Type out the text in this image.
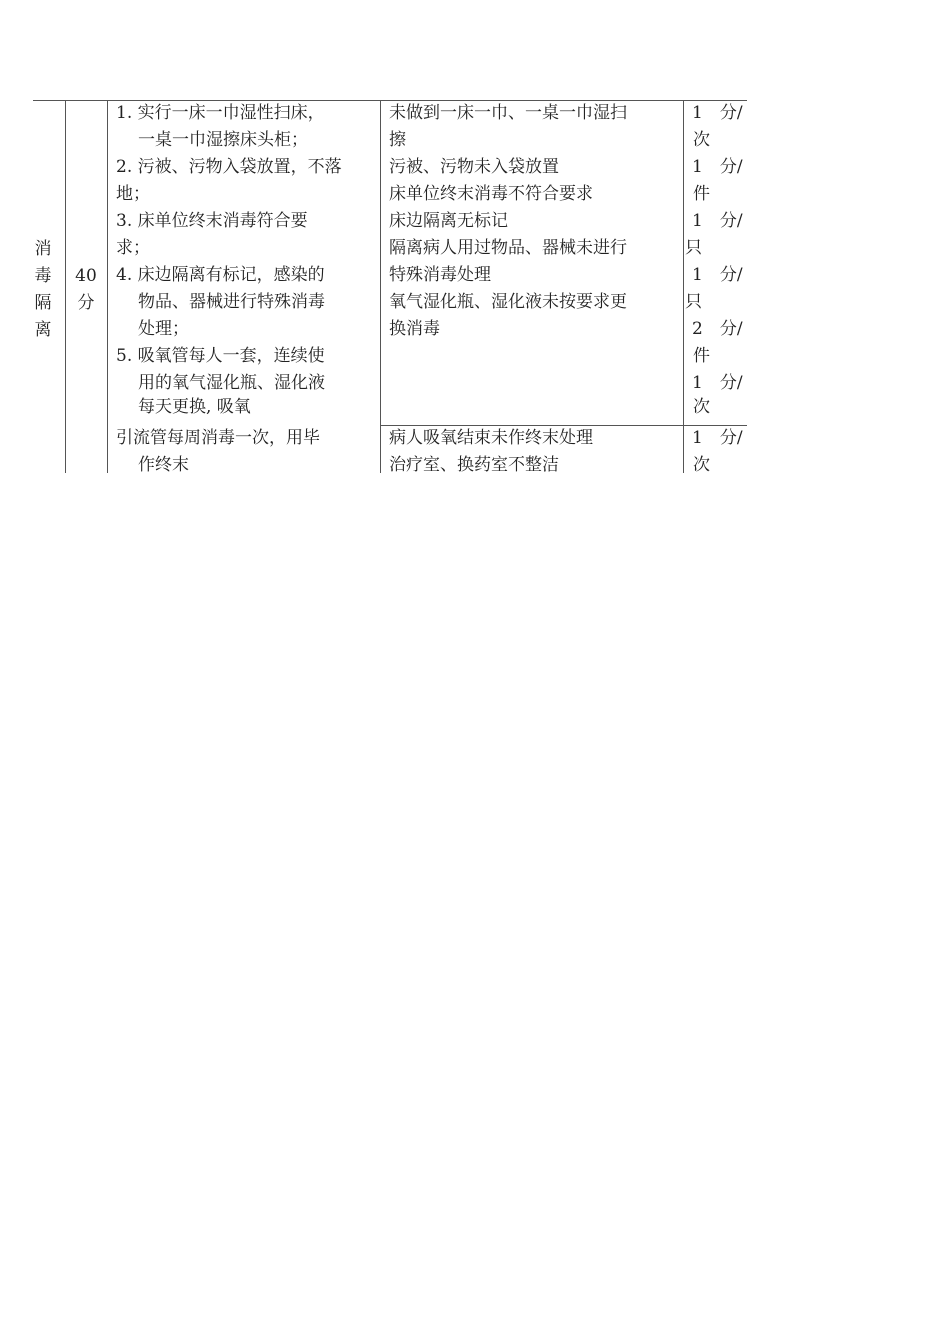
消
毒
隔
离
40
分
1. 实行一床一巾湿性扫床，
一桌一巾湿擦床头柜；
2. 污被、污物入袋放置，不落
地；
3. 床单位终末消毒符合要
求；
4. 床边隔离有标记，感染的
物品、器械进行特殊消毒
处理；
5. 吸氧管每人一套，连续使
用的氧气湿化瓶、湿化液
每天更换, 吸氧
引流管每周消毒一次，用毕
作终末
未做到一床一巾、一桌一巾湿扫
擦
污被、污物未入袋放置
床单位终末消毒不符合要求
床边隔离无标记
隔离病人用过物品、器械未进行
特殊消毒处理
氧气湿化瓶、湿化液未按要求更
换消毒
病人吸氧结束未作终末处理
治疗室、换药室不整洁
1　分/
次
1　分/
件
1　分/
只
1　分/
只
2　分/
件
1　分/
次
1　分/
次
